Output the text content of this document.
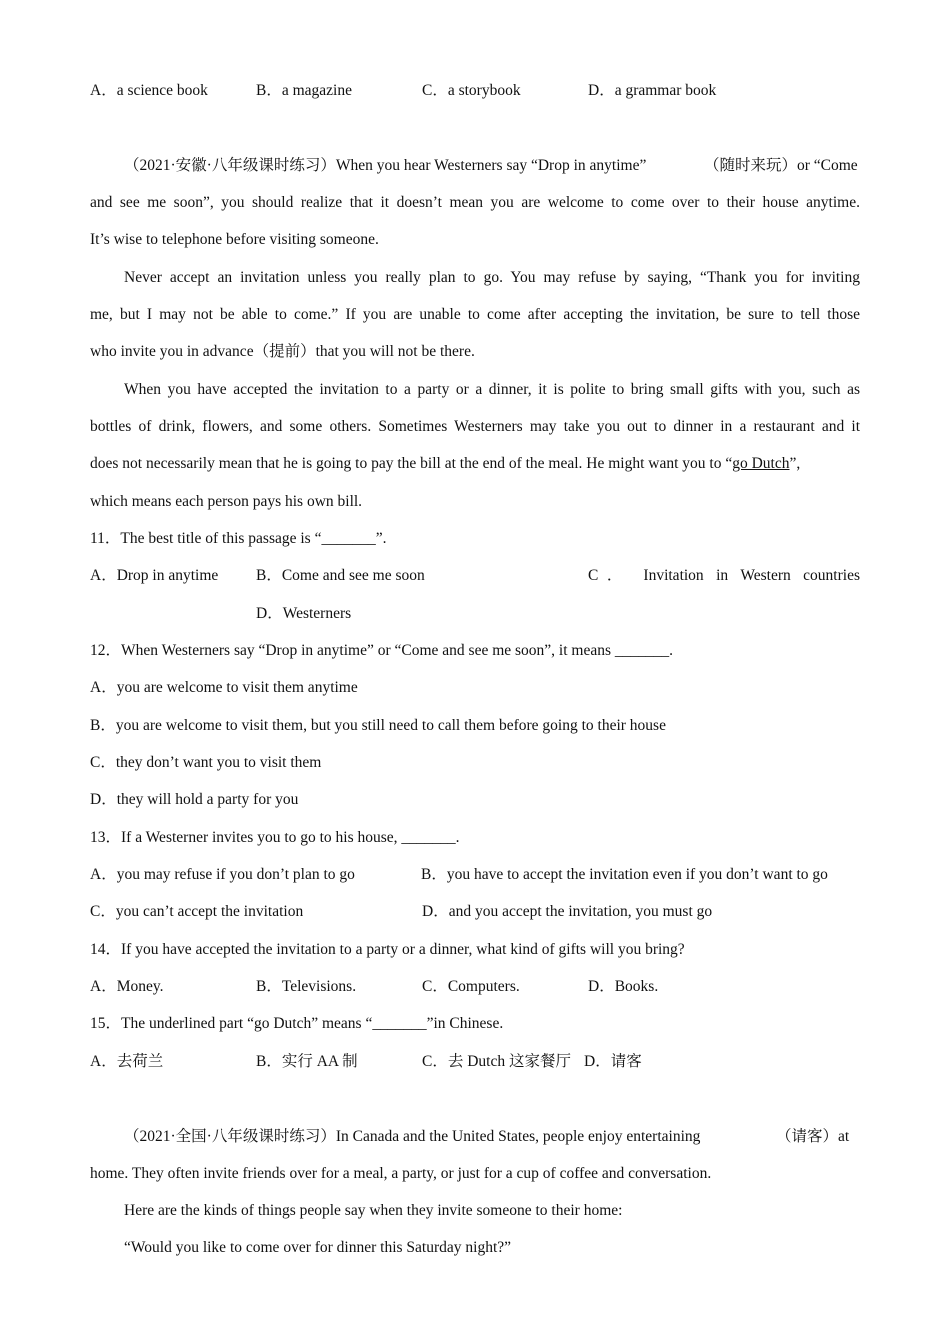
A．a science book	B．a magazine	C．a storybook	D．a grammar book
（2021·安徽·八年级课时练习）When you hear Westerners say “Drop in anytime”	（随时来玩）or “Come
and see me soon”, you should realize that it doesn’t mean you are welcome to come over to their house anytime.
It’s wise to telephone before visiting someone.
Never accept an invitation unless you really plan to go. You may refuse by saying, “Thank you for inviting
me, but I may not be able to come.” If you are unable to come after accepting the invitation, be sure to tell those
who invite you in advance（提前）that you will not be there.
When you have accepted the invitation to a party or a dinner, it is polite to bring small gifts with you, such as
bottles of drink, flowers, and some others. Sometimes Westerners may take you out to dinner in a restaurant and it
does not necessarily mean that he is going to pay the bill at the end of the meal. He might want you to “go Dutch”,
which means each person pays his own bill.
11．The best title of this passage is “_______”.
A．Drop in anytime B．Come and see me soon	C． Invitation in Western countries
D．Westerners
12．When Westerners say “Drop in anytime” or “Come and see me soon”, it means _______.
A．you are welcome to visit them anytime
B．you are welcome to visit them, but you still need to call them before going to their house
C．they don’t want you to visit them
D．they will hold a party for you
13．If a Westerner invites you to go to his house, _______.
A．you may refuse if you don’t plan to go	B．you have to accept the invitation even if you don’t want to go
C．you can’t accept the invitation	D．and you accept the invitation, you must go
14．If you have accepted the invitation to a party or a dinner, what kind of gifts will you bring?
A．Money.	B．Televisions.	C．Computers.	D．Books.
15．The underlined part “go Dutch” means “_______”in Chinese.
A．去荷兰	B．实行 AA 制	C．去 Dutch 这家餐厅 D．请客
（2021·全国·八年级课时练习）In Canada and the United States, people enjoy entertaining	（请客）at
home. They often invite friends over for a meal, a party, or just for a cup of coffee and conversation.
Here are the kinds of things people say when they invite someone to their home:
“Would you like to come over for dinner this Saturday night?”
